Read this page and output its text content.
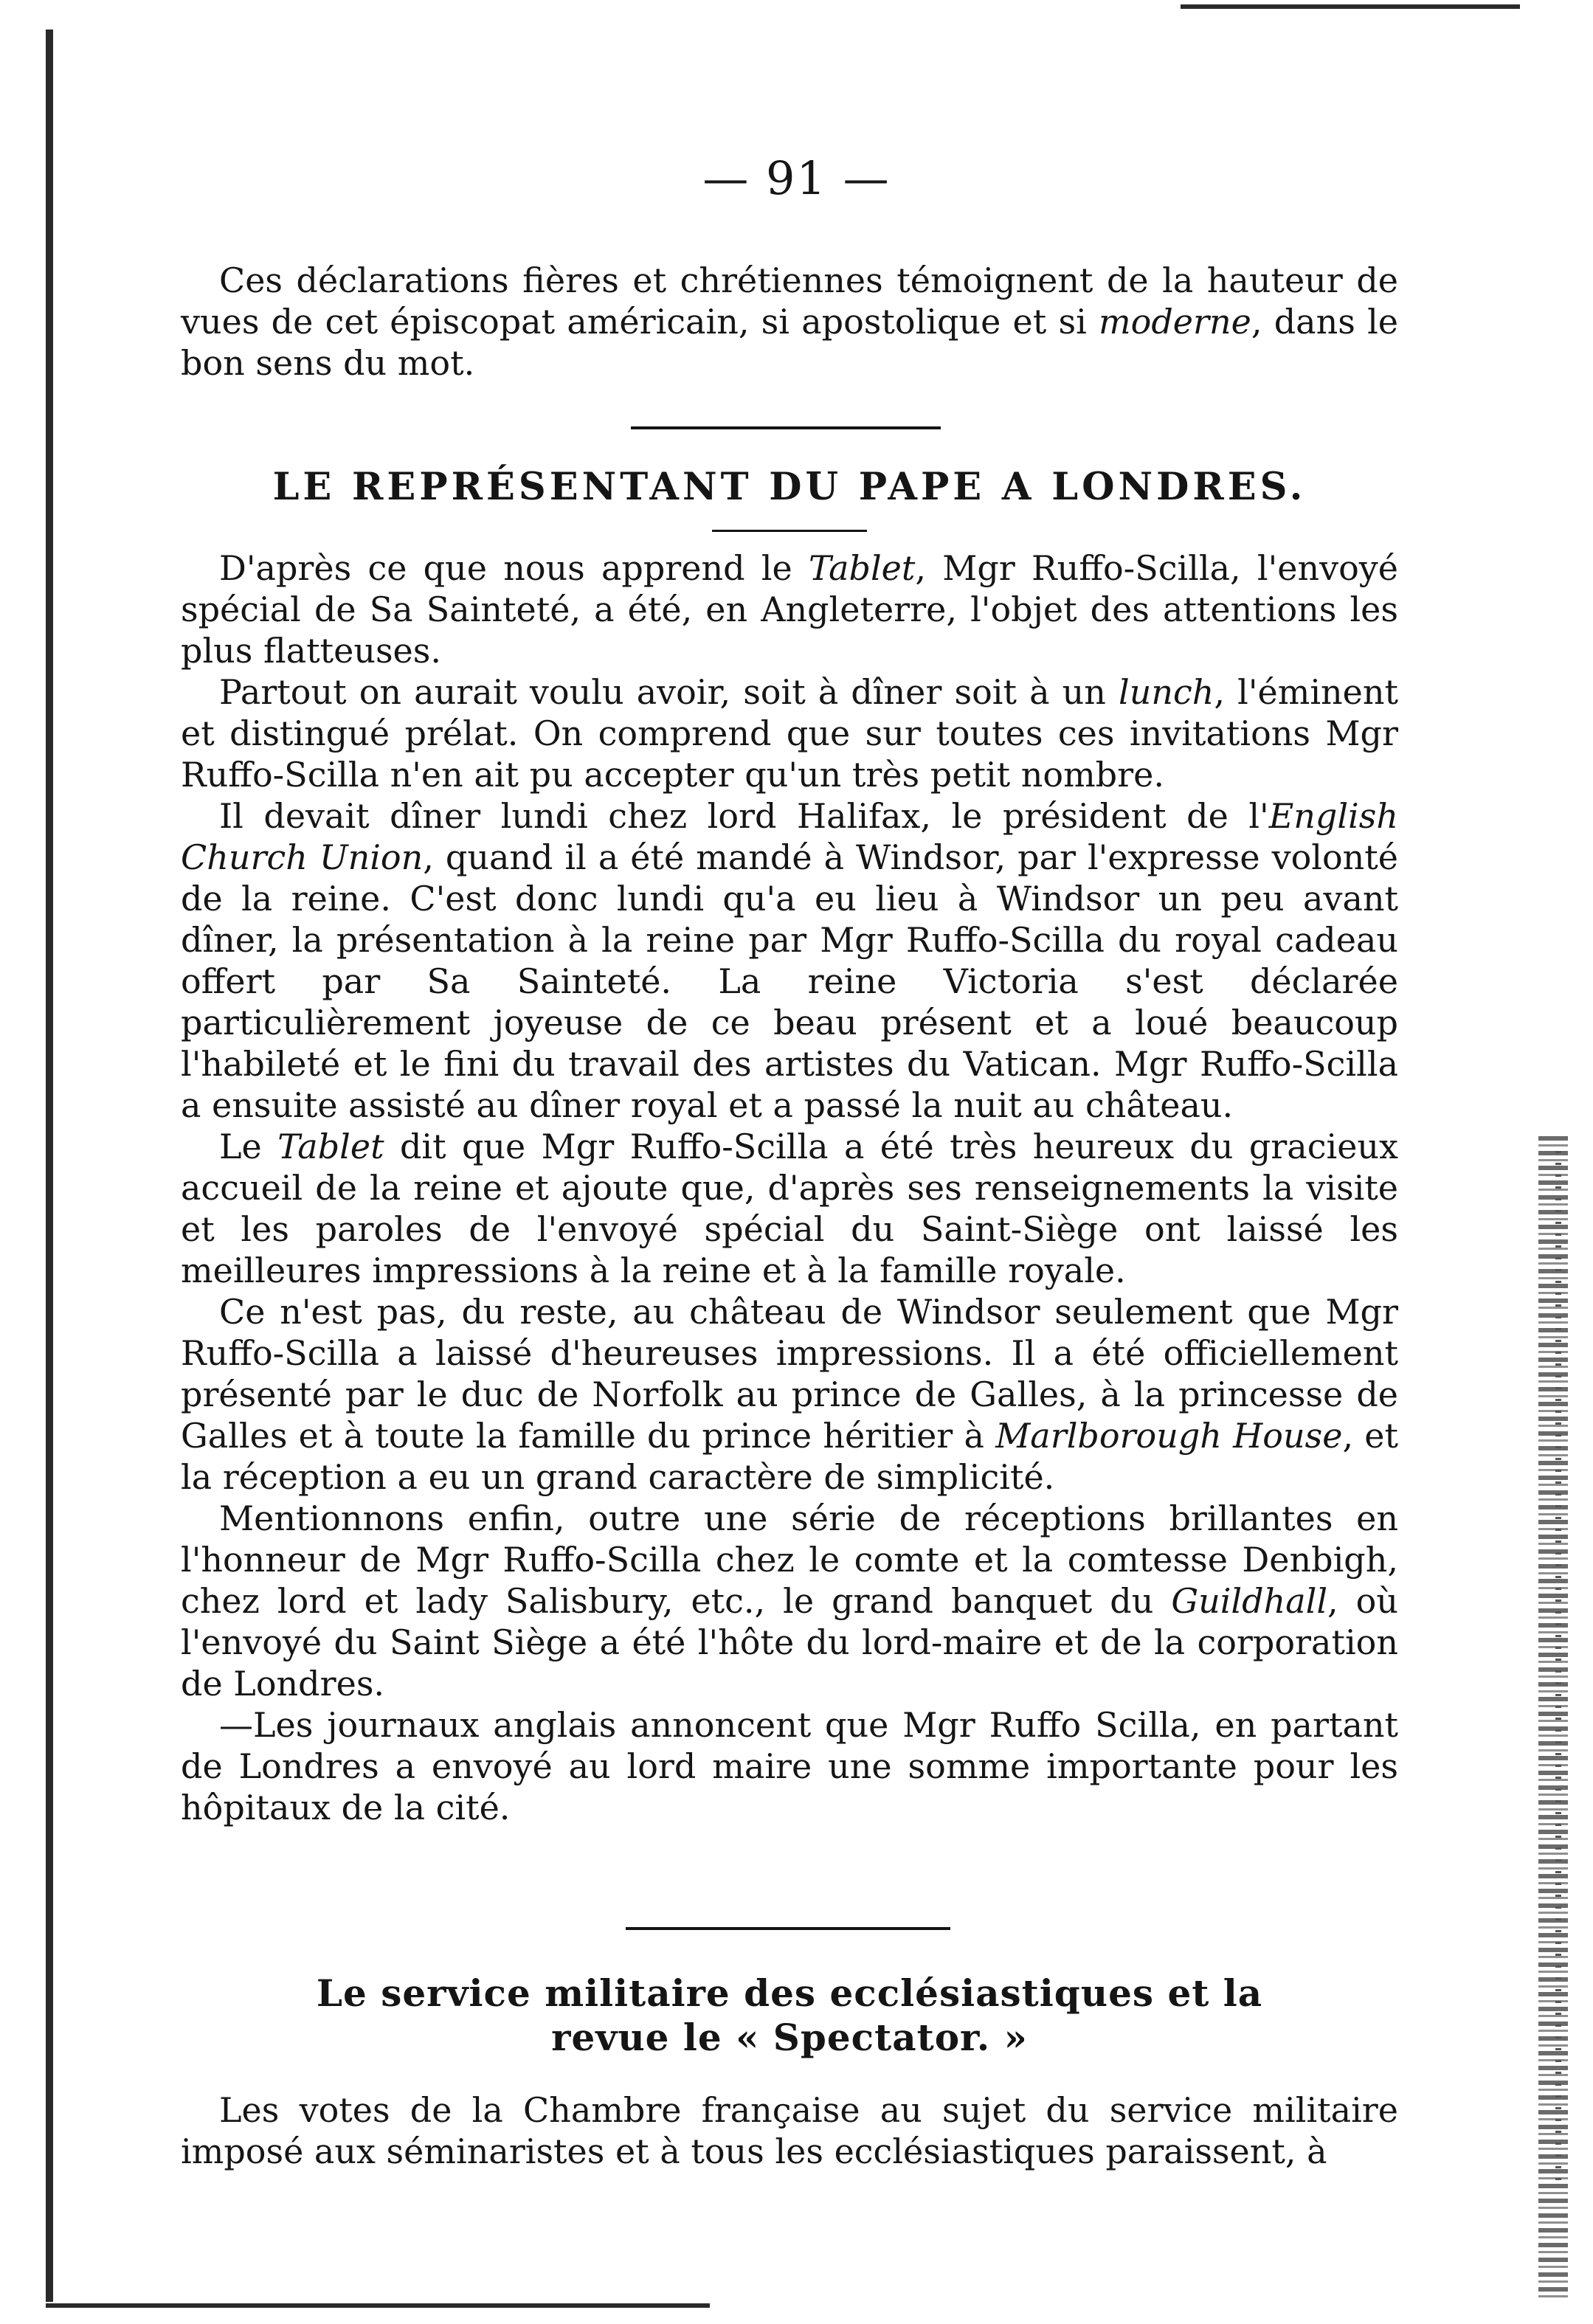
— 91 —

Ces déclarations fières et chrétiennes témoignent de la hauteur de vues de cet épiscopat américain, si apostolique et si moderne, dans le bon sens du mot.

LE REPRÉSENTANT DU PAPE A LONDRES.

D'après ce que nous apprend le Tablet, Mgr Ruffo-Scilla, l'envoyé spécial de Sa Sainteté, a été, en Angleterre, l'objet des attentions les plus flatteuses.

Partout on aurait voulu avoir, soit à dîner soit à un lunch, l'éminent et distingué prélat. On comprend que sur toutes ces invitations Mgr Ruffo-Scilla n'en ait pu accepter qu'un très petit nombre.

Il devait dîner lundi chez lord Halifax, le président de l'English Church Union, quand il a été mandé à Windsor, par l'expresse volonté de la reine. C'est donc lundi qu'a eu lieu à Windsor un peu avant dîner, la présentation à la reine par Mgr Ruffo-Scilla du royal cadeau offert par Sa Sainteté. La reine Victoria s'est déclarée particulièrement joyeuse de ce beau présent et a loué beaucoup l'habileté et le fini du travail des artistes du Vatican. Mgr Ruffo-Scilla a ensuite assisté au dîner royal et a passé la nuit au château.

Le Tablet dit que Mgr Ruffo-Scilla a été très heureux du gracieux accueil de la reine et ajoute que, d'après ses renseignements la visite et les paroles de l'envoyé spécial du Saint-Siège ont laissé les meilleures impressions à la reine et à la famille royale.

Ce n'est pas, du reste, au château de Windsor seulement que Mgr Ruffo-Scilla a laissé d'heureuses impressions. Il a été officiellement présenté par le duc de Norfolk au prince de Galles, à la princesse de Galles et à toute la famille du prince héritier à Marlborough House, et la réception a eu un grand caractère de simplicité.

Mentionnons enfin, outre une série de réceptions brillantes en l'honneur de Mgr Ruffo-Scilla chez le comte et la comtesse Denbigh, chez lord et lady Salisbury, etc., le grand banquet du Guildhall, où l'envoyé du Saint Siège a été l'hôte du lord-maire et de la corporation de Londres.

—Les journaux anglais annoncent que Mgr Ruffo Scilla, en partant de Londres a envoyé au lord maire une somme importante pour les hôpitaux de la cité.

Le service militaire des ecclésiastiques et la
revue le « Spectator. »

Les votes de la Chambre française au sujet du service militaire imposé aux séminaristes et à tous les ecclésiastiques paraissent, à
